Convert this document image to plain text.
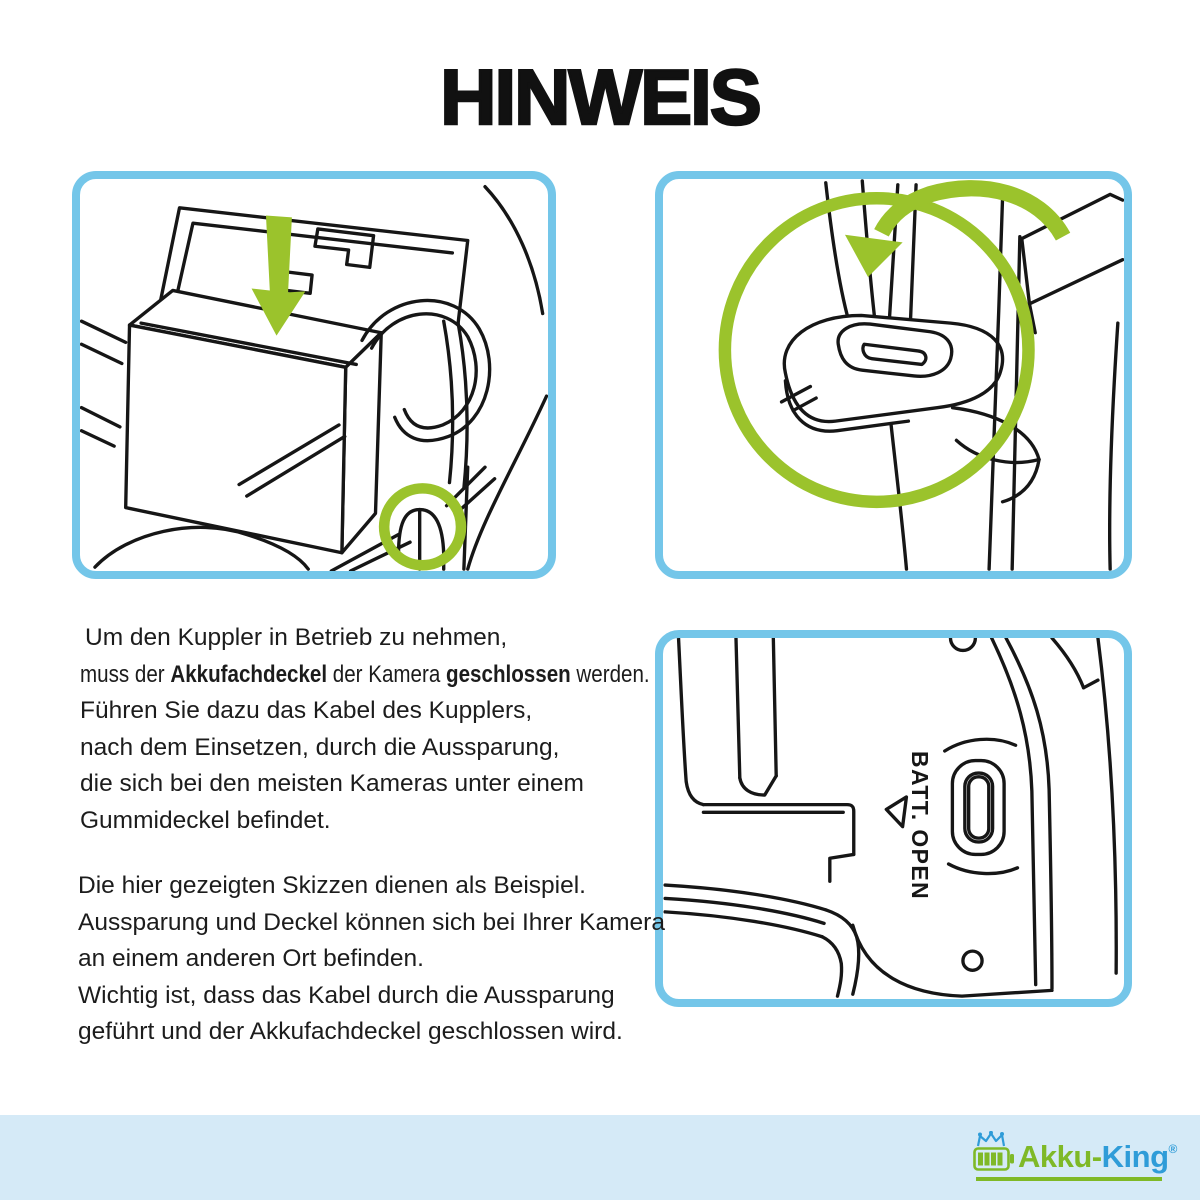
HINWEIS
BATT. OPEN
Um den Kuppler in Betrieb zu nehmen,
muss der Akkufachdeckel der Kamera geschlossen werden.
Führen Sie dazu das Kabel des Kupplers,
nach dem Einsetzen, durch die Aussparung,
die sich bei den meisten Kameras unter einem
Gummideckel befindet.
Die hier gezeigten Skizzen dienen als Beispiel.
Aussparung und Deckel können sich bei Ihrer Kamera
an einem anderen Ort befinden.
Wichtig ist, dass das Kabel durch die Aussparung
geführt und der Akkufachdeckel geschlossen wird.
Akku-King®
